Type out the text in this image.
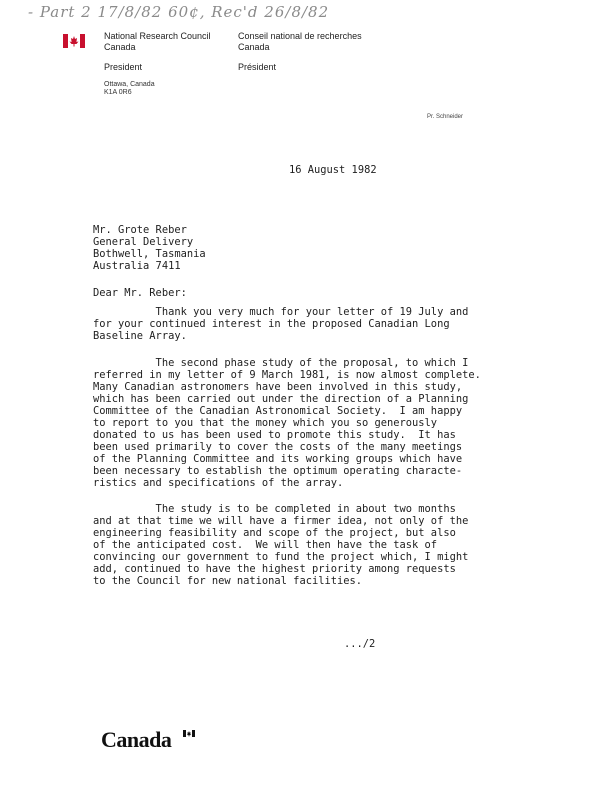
- Part 2 17/8/82 60¢, Rec'd 26/8/82
National Research Council
Canada
Conseil national de recherches
Canada
President	Président
Ottawa, Canada
K1A 0R6
Pr. Schneider
16 August 1982
Mr. Grote Reber
General Delivery
Bothwell, Tasmania
Australia 7411
Dear Mr. Reber:
Thank you very much for your letter of 19 July and
for your continued interest in the proposed Canadian Long
Baseline Array.
The second phase study of the proposal, to which I
referred in my letter of 9 March 1981, is now almost complete.
Many Canadian astronomers have been involved in this study,
which has been carried out under the direction of a Planning
Committee of the Canadian Astronomical Society.  I am happy
to report to you that the money which you so generously
donated to us has been used to promote this study.  It has
been used primarily to cover the costs of the many meetings
of the Planning Committee and its working groups which have
been necessary to establish the optimum operating characte-
ristics and specifications of the array.
The study is to be completed in about two months
and at that time we will have a firmer idea, not only of the
engineering feasibility and scope of the project, but also
of the anticipated cost.  We will then have the task of
convincing our government to fund the project which, I might
add, continued to have the highest priority among requests
to the Council for new national facilities.
.../2
Canada
